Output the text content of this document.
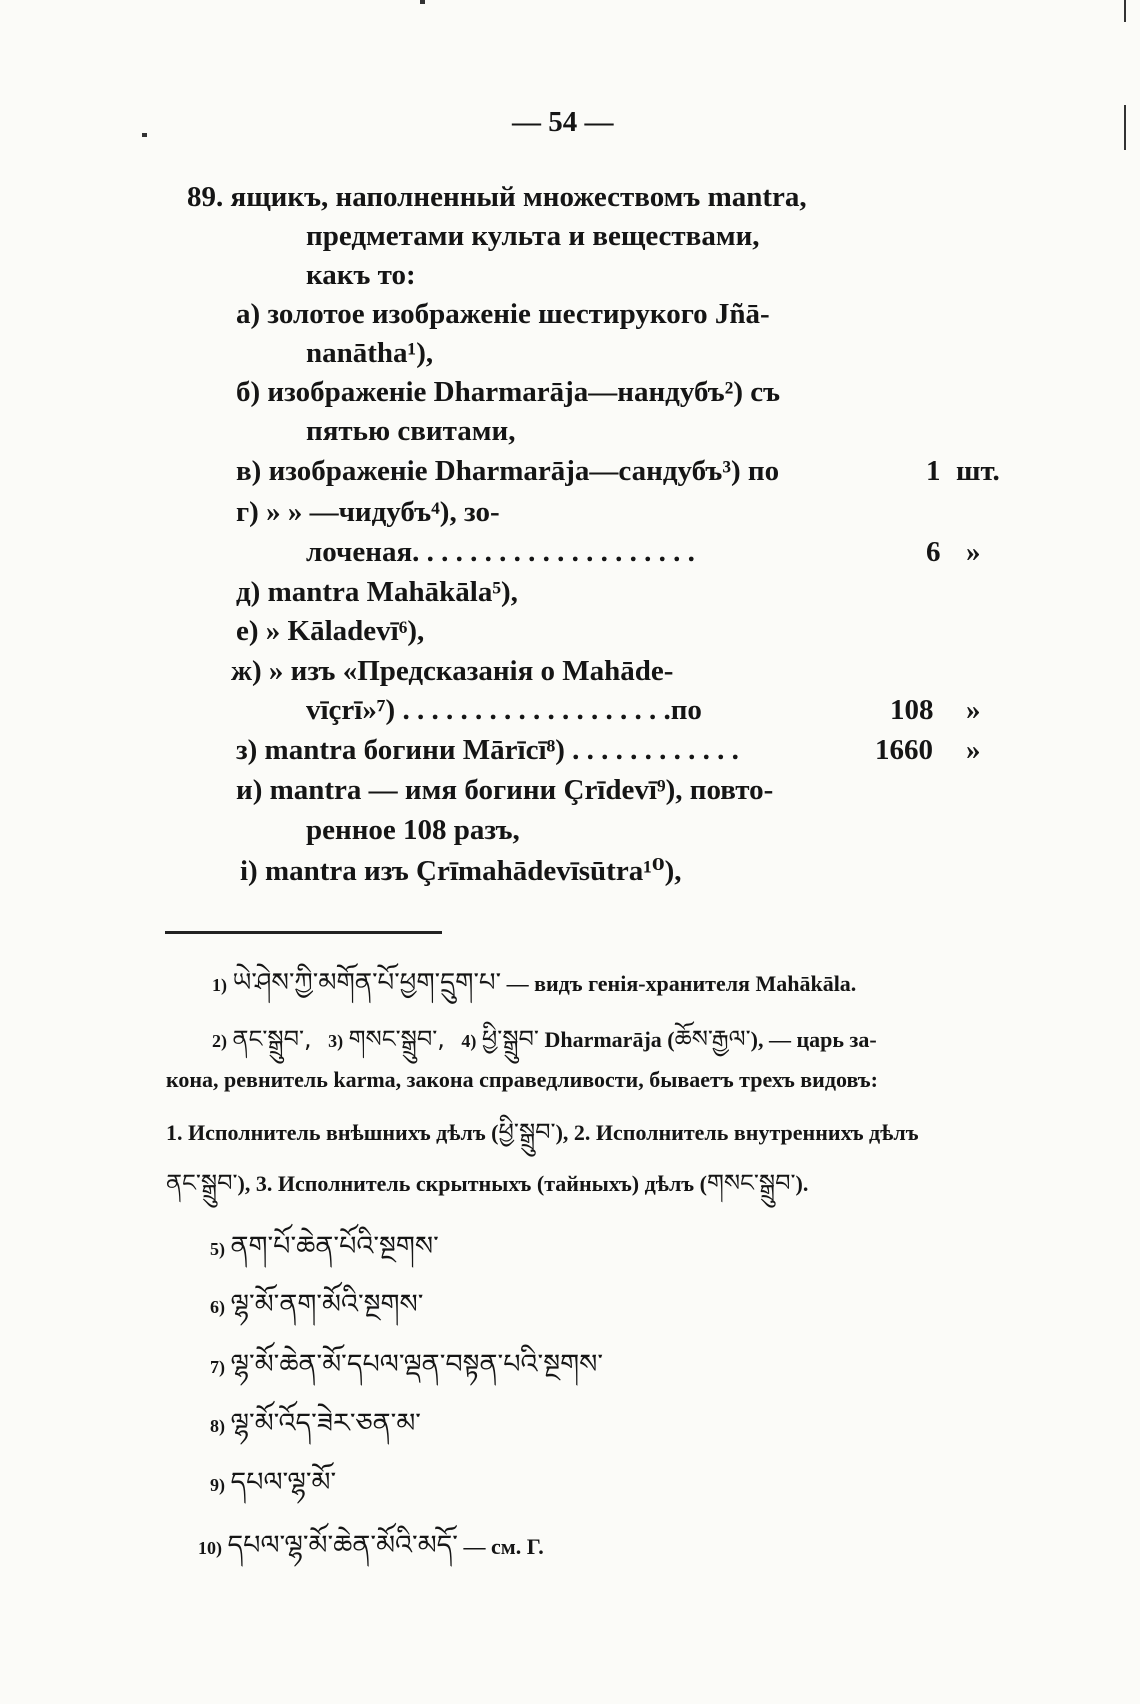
— 54 —
89. ящикъ, наполненный множествомъ mantra,
предметами культа и веществами,
какъ то:
а) золотое изображеніе шестирукого Jñā-
nanātha¹),
б) изображеніе Dharmarāja—нандубъ²) съ
пятью свитами,
в) изображеніе Dharmarāja—сандубъ³) по
г) » » —чидубъ⁴), зо-
лоченая. . . . . . . . . . . . . . . . . . . .
д) mantra Mahākāla⁵),
е) » Kāladevī⁶),
ж) » изъ «Предсказанія о Mahāde-
vīçrī»⁷) . . . . . . . . . . . . . . . . . . .по
з) mantra богини Mārīcī⁸) . . . . . . . . . . . .
и) mantra — имя богини Çrīdevī⁹), повто-
ренное 108 разъ,
і) mantra изъ Çrīmahādevīsūtra¹⁰),
1 шт.
6 »
108 »
1660 »
1) ཡེ་ཤེས་ཀྱི་མགོན་པོ་ཕྱག་དྲུག་པ་ — видъ генія-хранителя Mahākāla.
2) ནང་སྒྲུབ་, 3) གསང་སྒྲུབ་, 4) ཕྱི་སྒྲུབ་ Dharmarāja (ཆོས་རྒྱལ་), — царь за-
кона, ревнитель karma, закона справедливости, бываетъ трехъ видовъ:
1. Исполнитель внѣшнихъ дѣлъ (ཕྱི་སྒྲུབ་), 2. Исполнитель внутреннихъ дѣлъ
ནང་སྒྲུབ་), 3. Исполнитель скрытныхъ (тайныхъ) дѣлъ (གསང་སྒྲུབ་).
5) ནག་པོ་ཆེན་པོའི་སྔགས་
6) ལྷ་མོ་ནག་མོའི་སྔགས་
7) ལྷ་མོ་ཆེན་མོ་དཔལ་ལྡན་བསྟན་པའི་སྔགས་
8) ལྷ་མོ་འོད་ཟེར་ཅན་མ་
9) དཔལ་ལྷ་མོ་
10) དཔལ་ལྷ་མོ་ཆེན་མོའི་མདོ་ — см. Г.
